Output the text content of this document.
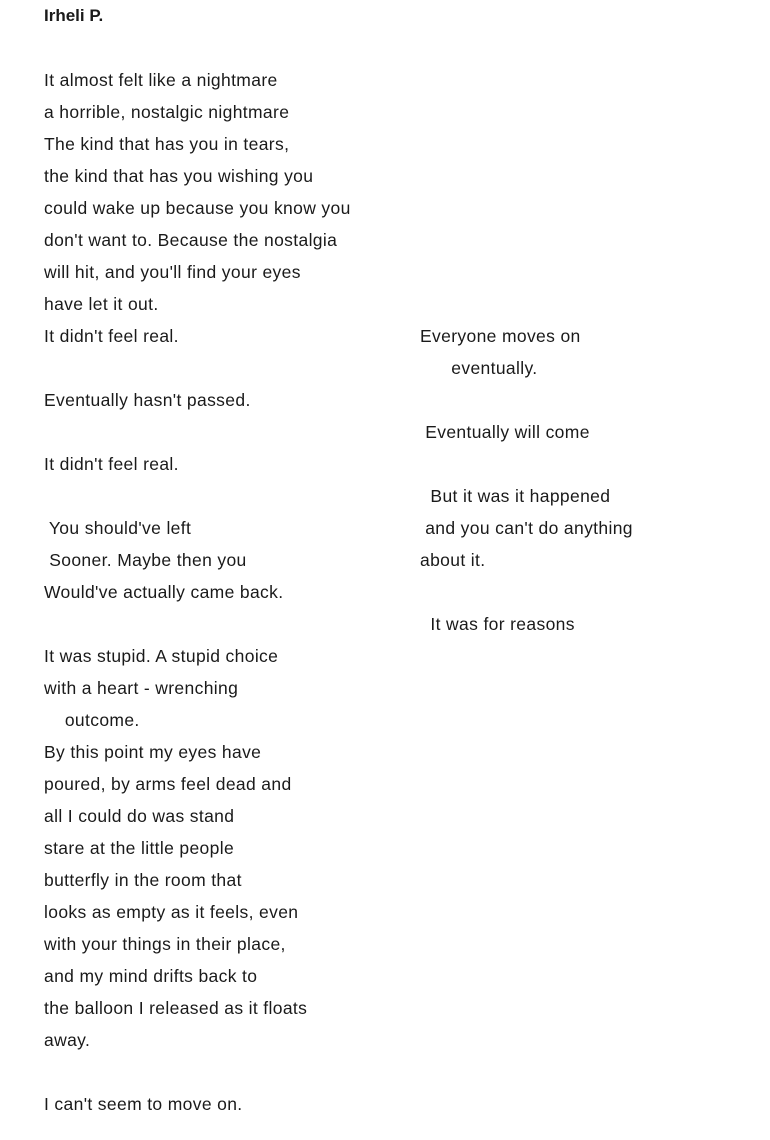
Irheli P.
It almost felt like a nightmare
a horrible, nostalgic nightmare
The kind that has you in tears,
the kind that has you wishing you
could wake up because you know you
don't want to. Because the nostalgia
will hit, and you'll find your eyes
have let it out.
It didn't feel real.
Eventually hasn't passed.
It didn't feel real.
You should've left
Sooner. Maybe then you
Would've actually came back.
It was stupid. A stupid choice
with a heart - wrenching
outcome.
By this point my eyes have
poured, by arms feel dead and
all I could do was stand
stare at the little people
butterfly in the room that
looks as empty as it feels, even
with your things in their place,
and my mind drifts back to
the balloon I released as it floats
away.
I can't seem to move on.
Everyone moves on
eventually.
Eventually will come
But it was it happened
and you can't do anything
about it.
It was for reasons
